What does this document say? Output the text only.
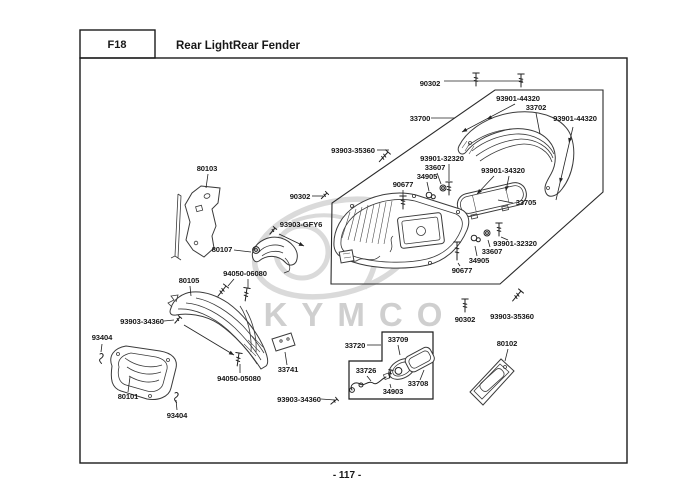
F18	Rear LightRear Fender
- 117 -
KYMCO
90302
93901-44320
33702
33700	93901-44320
93903-35360
93901-32320
33607
34905
90677
93901-34320
33705
90302
93903-GFY6
80103
80107
94050-06080
80105
93901-32320
33607
34905
90677
90302 93903-35360
93903-34360
93404
94050-05080
33741
80101
93404
93903-34360
33720
33709
33726
34903
33708
80102
